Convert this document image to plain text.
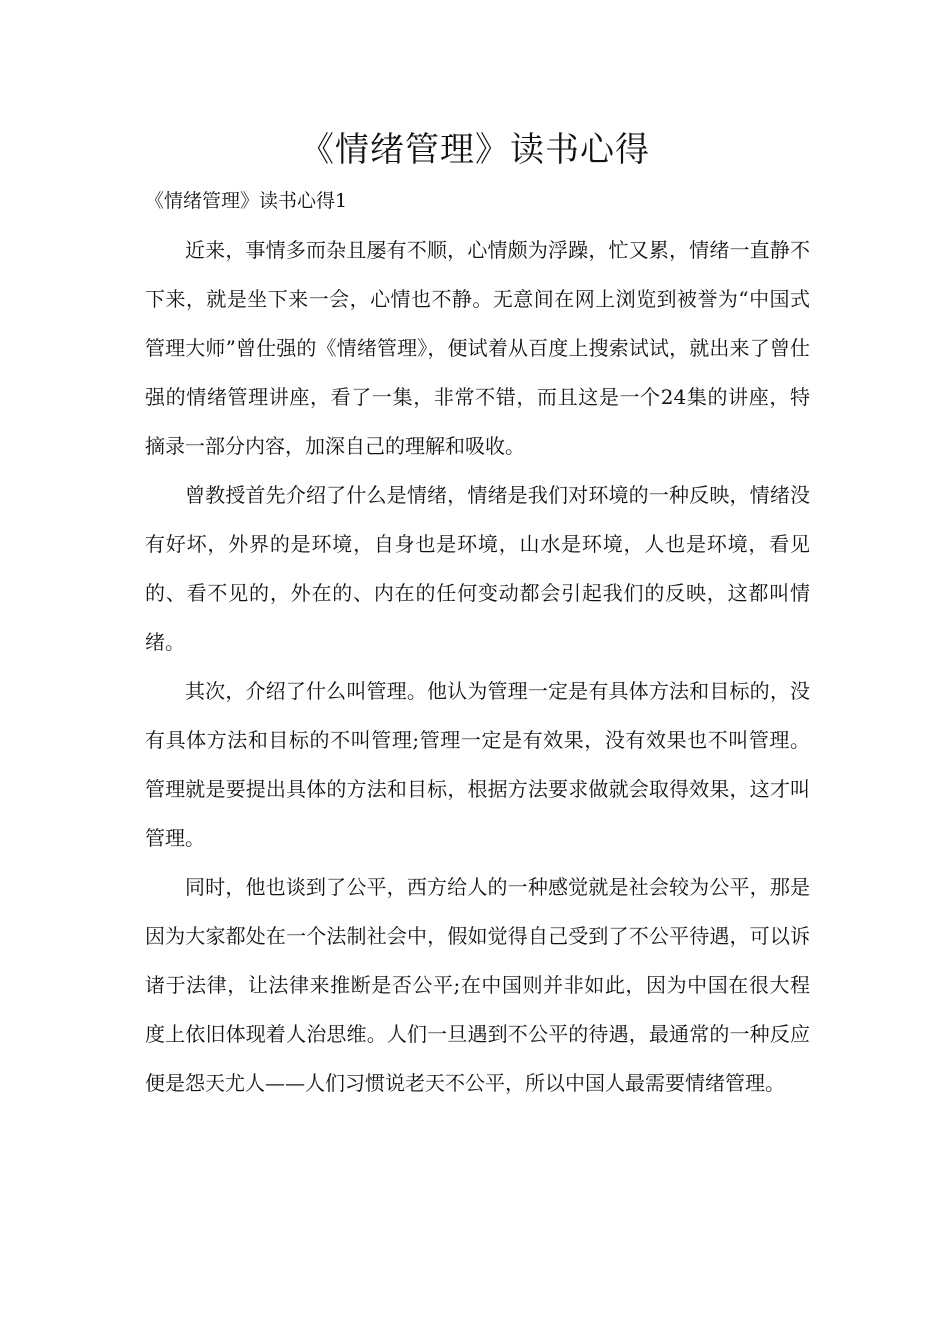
《情绪管理》读书心得
《情绪管理》读书心得1

近来，事情多而杂且屡有不顺，心情颇为浮躁，忙又累，情绪一直静不下来，就是坐下来一会，心情也不静。无意间在网上浏览到被誉为“中国式管理大师”曾仕强的《情绪管理》，便试着从百度上搜索试试，就出来了曾仕强的情绪管理讲座，看了一集，非常不错，而且这是一个24集的讲座，特摘录一部分内容，加深自己的理解和吸收。

曾教授首先介绍了什么是情绪，情绪是我们对环境的一种反映，情绪没有好坏，外界的是环境，自身也是环境，山水是环境，人也是环境，看见的、看不见的，外在的、内在的任何变动都会引起我们的反映，这都叫情绪。

其次，介绍了什么叫管理。他认为管理一定是有具体方法和目标的，没有具体方法和目标的不叫管理;管理一定是有效果，没有效果也不叫管理。管理就是要提出具体的方法和目标，根据方法要求做就会取得效果，这才叫管理。

同时，他也谈到了公平，西方给人的一种感觉就是社会较为公平，那是因为大家都处在一个法制社会中，假如觉得自己受到了不公平待遇，可以诉诸于法律，让法律来推断是否公平;在中国则并非如此，因为中国在很大程度上依旧体现着人治思维。人们一旦遇到不公平的待遇，最通常的一种反应便是怨天尤人——人们习惯说老天不公平，所以中国人最需要情绪管理。
